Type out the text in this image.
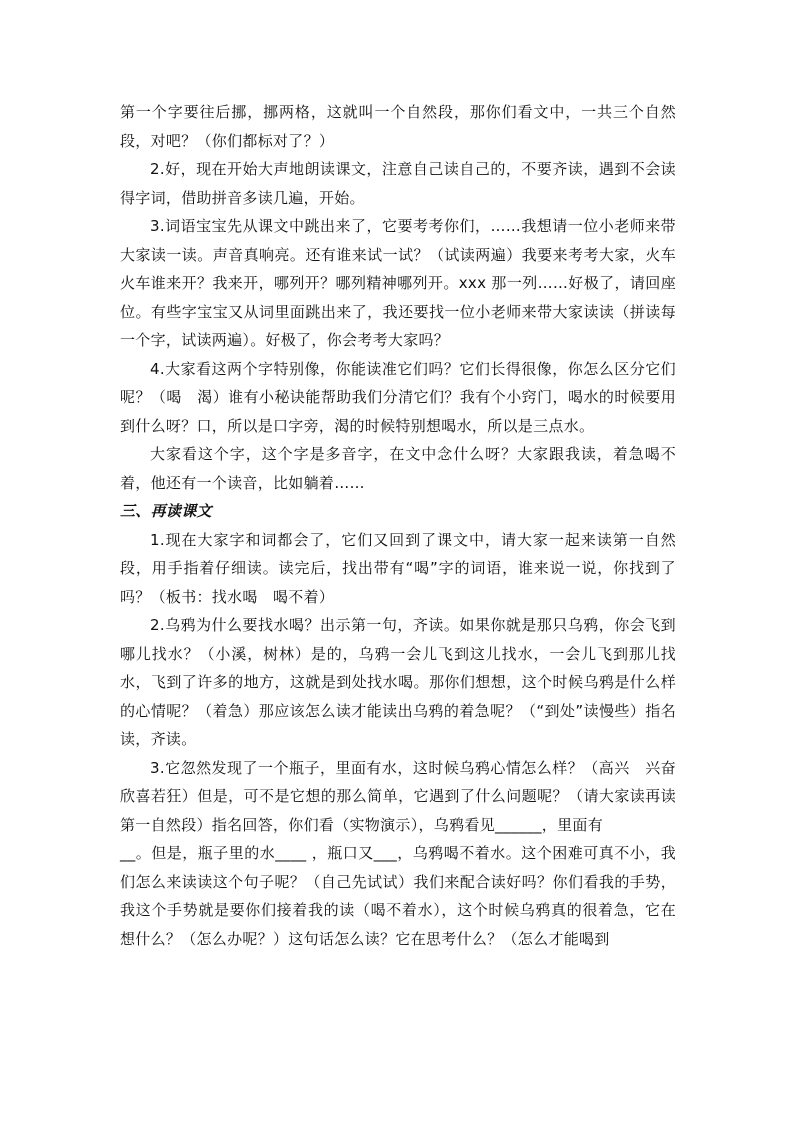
第一个字要往后挪，挪两格，这就叫一个自然段，那你们看文中，一共三个自然段，对吧？（你们都标对了？）

2.好，现在开始大声地朗读课文，注意自己读自己的，不要齐读，遇到不会读得字词，借助拼音多读几遍，开始。

3.词语宝宝先从课文中跳出来了，它要考考你们，……我想请一位小老师来带大家读一读。声音真响亮。还有谁来试一试？（试读两遍）我要来考考大家，火车火车谁来开？我来开，哪列开？哪列精神哪列开。xxx 那一列……好极了，请回座位。有些字宝宝又从词里面跳出来了，我还要找一位小老师来带大家读读（拼读每一个字，试读两遍）。好极了，你会考考大家吗？

4.大家看这两个字特别像，你能读准它们吗？它们长得很像，你怎么区分它们呢？（喝　渴）谁有小秘诀能帮助我们分清它们？我有个小窍门，喝水的时候要用到什么呀？口，所以是口字旁，渴的时候特别想喝水，所以是三点水。

大家看这个字，这个字是多音字，在文中念什么呀？大家跟我读，着急喝不着，他还有一个读音，比如躺着……

三、再读课文

1.现在大家字和词都会了，它们又回到了课文中，请大家一起来读第一自然段，用手指着仔细读。读完后，找出带有“喝”字的词语，谁来说一说，你找到了吗？（板书：找水喝　喝不着）

2.乌鸦为什么要找水喝？出示第一句，齐读。如果你就是那只乌鸦，你会飞到哪儿找水？（小溪，树林）是的，乌鸦一会儿飞到这儿找水，一会儿飞到那儿找水，飞到了许多的地方，这就是到处找水喝。那你们想想，这个时候乌鸦是什么样的心情呢？（着急）那应该怎么读才能读出乌鸦的着急呢？（“到处”读慢些）指名读，齐读。

3.它忽然发现了一个瓶子，里面有水，这时候乌鸦心情怎么样？（高兴　兴奋　欣喜若狂）但是，可不是它想的那么简单，它遇到了什么问题呢？（请大家读再读第一自然段）指名回答，你们看（实物演示），乌鸦看见______，里面有

__。但是，瓶子里的水____ ，瓶口又___，乌鸦喝不着水。这个困难可真不小，我们怎么来读读这个句子呢？（自己先试试）我们来配合读好吗？你们看我的手势，我这个手势就是要你们接着我的读（喝不着水），这个时候乌鸦真的很着急，它在想什么？（怎么办呢？）这句话怎么读？它在思考什么？（怎么才能喝到
